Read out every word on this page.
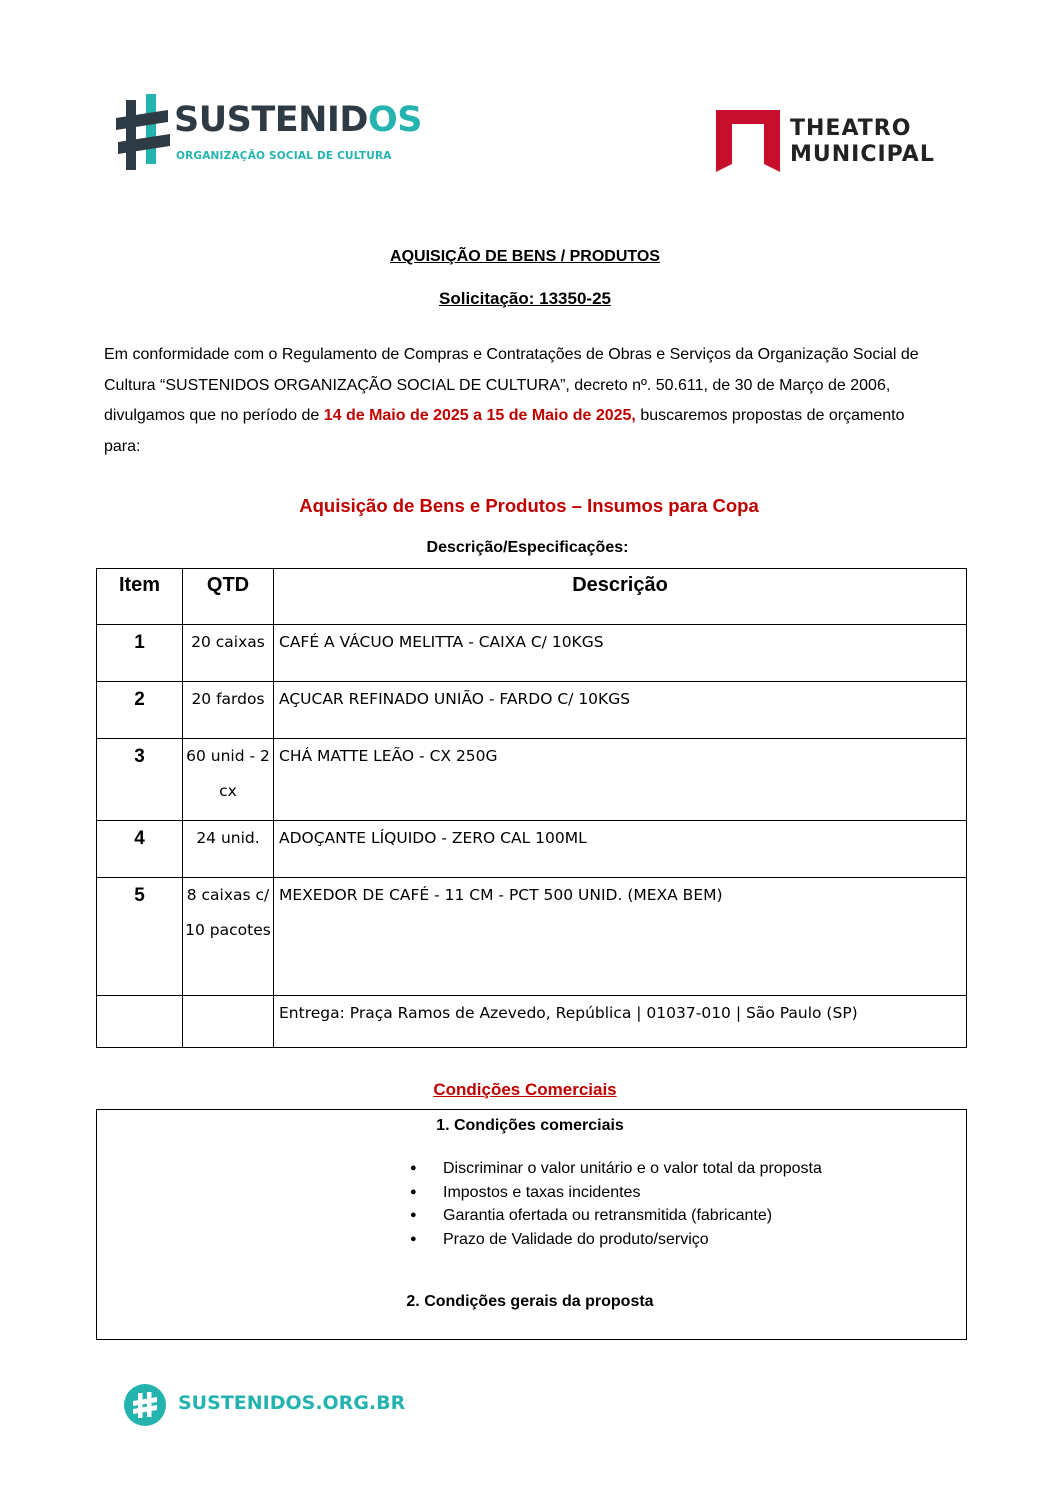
SUSTENIDOS
ORGANIZAÇÃO SOCIAL DE CULTURA
THEATRO
MUNICIPAL
AQUISIÇÃO DE BENS / PRODUTOS
Solicitação: 13350-25
Em conformidade com o Regulamento de Compras e Contratações de Obras e Serviços da Organização Social de Cultura “SUSTENIDOS ORGANIZAÇÃO SOCIAL DE CULTURA”, decreto nº. 50.611, de 30 de Março de 2006, divulgamos que no período de 14 de Maio de 2025 a 15 de Maio de 2025, buscaremos propostas de orçamento para:
Aquisição de Bens e Produtos – Insumos para Copa
Descrição/Especificações:
Item	QTD	Descrição
1	20 caixas	CAFÉ A VÁCUO MELITTA - CAIXA C/ 10KGS
2	20 fardos	AÇUCAR REFINADO UNIÃO - FARDO C/ 10KGS
3	60 unid - 2 cx	CHÁ MATTE LEÃO - CX 250G
4	24 unid.	ADOÇANTE LÍQUIDO - ZERO CAL 100ML
5	8 caixas c/ 10 pacotes	MEXEDOR DE CAFÉ - 11 CM - PCT 500 UNID. (MEXA BEM)
		Entrega: Praça Ramos de Azevedo, República | 01037-010 | São Paulo (SP)
Condições Comerciais
1. Condições comerciais
● Discriminar o valor unitário e o valor total da proposta
● Impostos e taxas incidentes
● Garantia ofertada ou retransmitida (fabricante)
● Prazo de Validade do produto/serviço
2. Condições gerais da proposta
SUSTENIDOS.ORG.BR
